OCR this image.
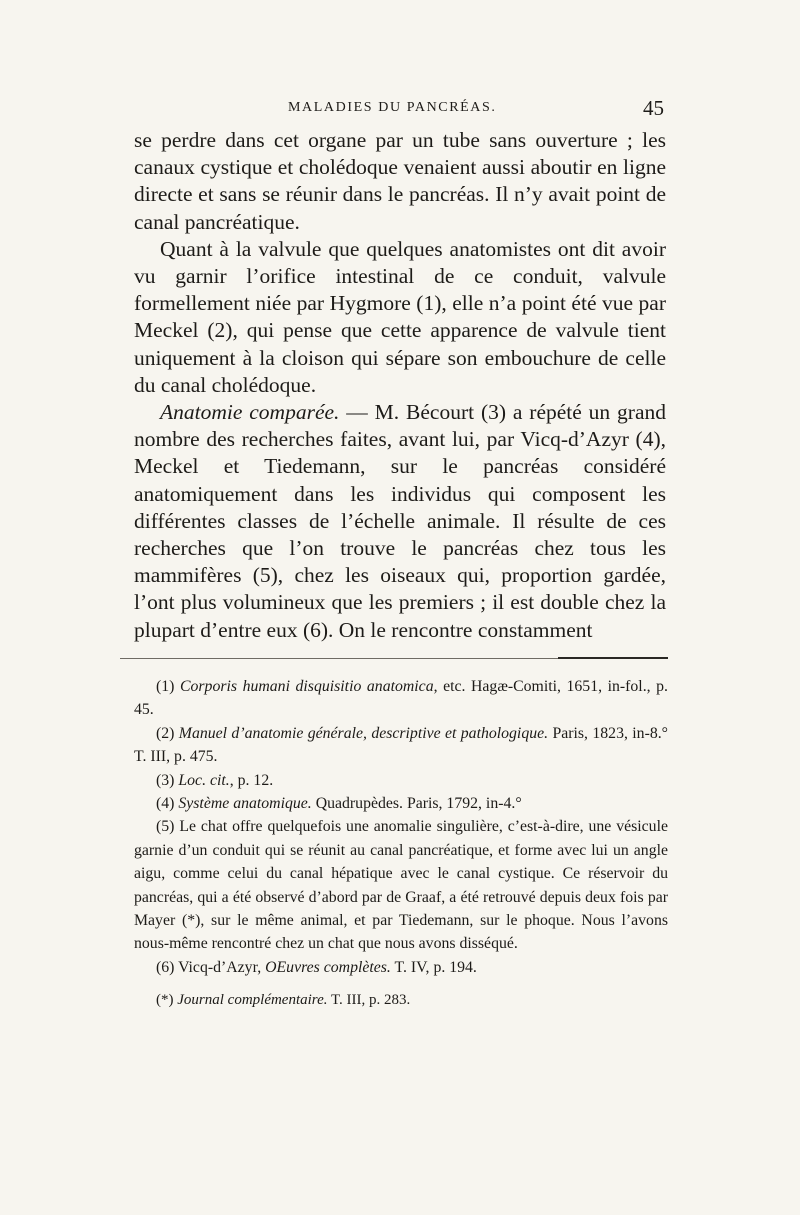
MALADIES DU PANCRÉAS.	45

se perdre dans cet organe par un tube sans ouverture ; les canaux cystique et cholédoque venaient aussi aboutir en ligne directe et sans se réunir dans le pancréas. Il n’y avait point de canal pancréatique.

Quant à la valvule que quelques anatomistes ont dit avoir vu garnir l’orifice intestinal de ce conduit, valvule formellement niée par Hygmore (1), elle n’a point été vue par Meckel (2), qui pense que cette apparence de valvule tient uniquement à la cloison qui sépare son embouchure de celle du canal cholédoque.

Anatomie comparée. — M. Bécourt (3) a répété un grand nombre des recherches faites, avant lui, par Vicq-d’Azyr (4), Meckel et Tiedemann, sur le pancréas considéré anatomiquement dans les individus qui composent les différentes classes de l’échelle animale. Il résulte de ces recherches que l’on trouve le pancréas chez tous les mammifères (5), chez les oiseaux qui, proportion gardée, l’ont plus volumineux que les premiers ; il est double chez la plupart d’entre eux (6). On le rencontre constamment

(1) Corporis humani disquisitio anatomica, etc. Hagæ-Comiti, 1651, in-fol., p. 45.

(2) Manuel d’anatomie générale, descriptive et pathologique. Paris, 1823, in-8.° T. III, p. 475.

(3) Loc. cit., p. 12.

(4) Système anatomique. Quadrupèdes. Paris, 1792, in-4.°

(5) Le chat offre quelquefois une anomalie singulière, c’est-à-dire, une vésicule garnie d’un conduit qui se réunit au canal pancréatique, et forme avec lui un angle aigu, comme celui du canal hépatique avec le canal cystique. Ce réservoir du pancréas, qui a été observé d’abord par de Graaf, a été retrouvé depuis deux fois par Mayer (*), sur le même animal, et par Tiedemann, sur le phoque. Nous l’avons nous-même rencontré chez un chat que nous avons disséqué.

(6) Vicq-d’Azyr, OEuvres complètes. T. IV, p. 194.

(*) Journal complémentaire. T. III, p. 283.
